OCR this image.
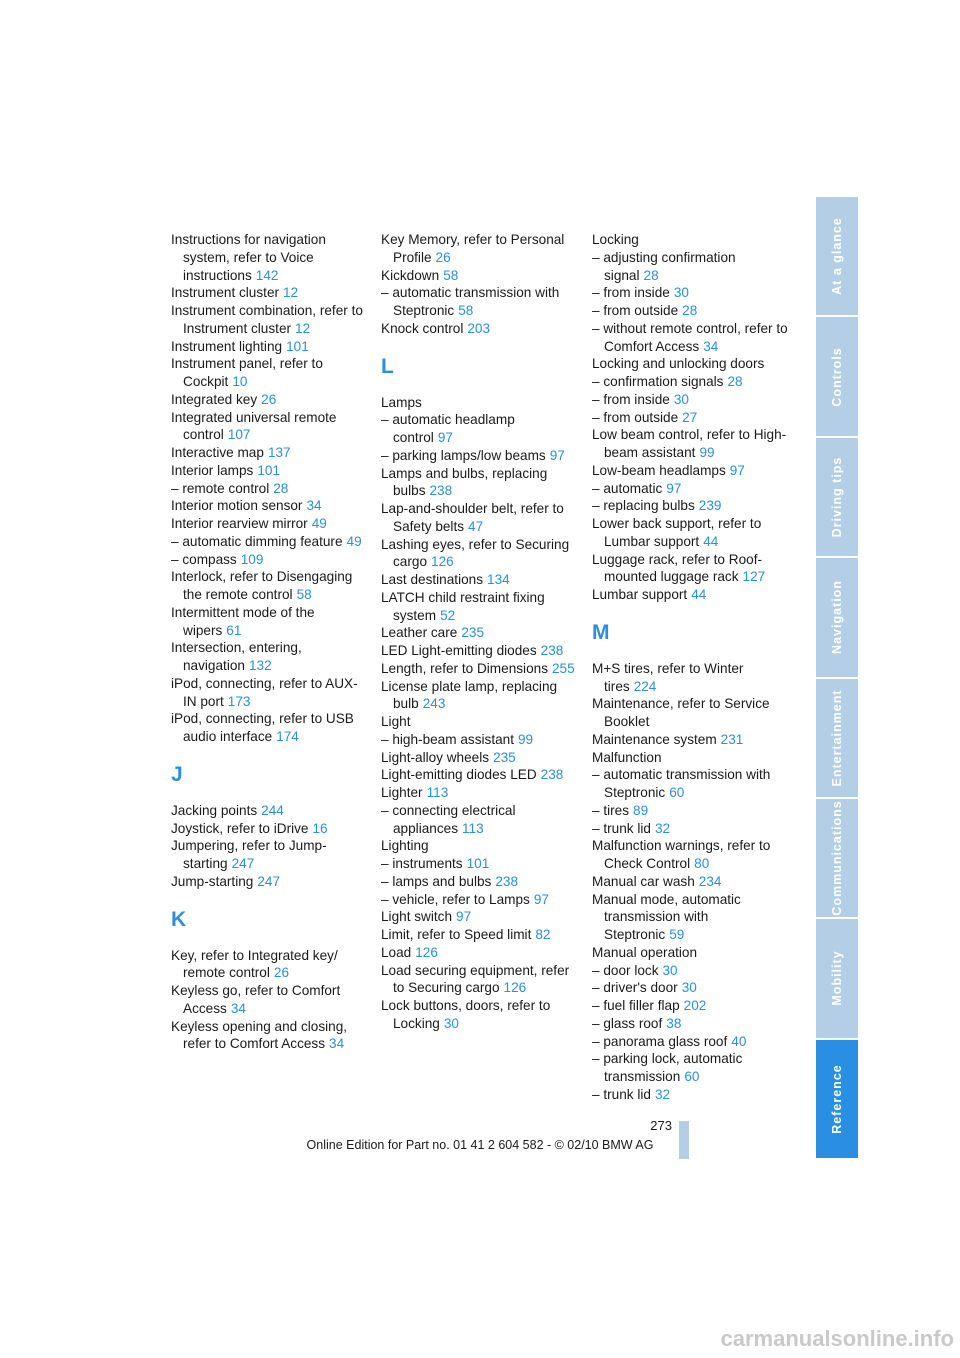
Instructions for navigation system, refer to Voice instructions 142
Instrument cluster 12
Instrument combination, refer to Instrument cluster 12
Instrument lighting 101
Instrument panel, refer to Cockpit 10
Integrated key 26
Integrated universal remote control 107
Interactive map 137
Interior lamps 101
– remote control 28
Interior motion sensor 34
Interior rearview mirror 49
– automatic dimming feature 49
– compass 109
Interlock, refer to Disengaging the remote control 58
Intermittent mode of the wipers 61
Intersection, entering, navigation 132
iPod, connecting, refer to AUX-IN port 173
iPod, connecting, refer to USB audio interface 174
J
Jacking points 244
Joystick, refer to iDrive 16
Jumpering, refer to Jump-starting 247
Jump-starting 247
K
Key, refer to Integrated key/ remote control 26
Keyless go, refer to Comfort Access 34
Keyless opening and closing, refer to Comfort Access 34
Key Memory, refer to Personal Profile 26
Kickdown 58
– automatic transmission with Steptronic 58
Knock control 203
L
Lamps
– automatic headlamp control 97
– parking lamps/low beams 97
Lamps and bulbs, replacing bulbs 238
Lap-and-shoulder belt, refer to Safety belts 47
Lashing eyes, refer to Securing cargo 126
Last destinations 134
LATCH child restraint fixing system 52
Leather care 235
LED Light-emitting diodes 238
Length, refer to Dimensions 255
License plate lamp, replacing bulb 243
Light
– high-beam assistant 99
Light-alloy wheels 235
Light-emitting diodes LED 238
Lighter 113
– connecting electrical appliances 113
Lighting
– instruments 101
– lamps and bulbs 238
– vehicle, refer to Lamps 97
Light switch 97
Limit, refer to Speed limit 82
Load 126
Load securing equipment, refer to Securing cargo 126
Lock buttons, doors, refer to Locking 30
Locking
– adjusting confirmation signal 28
– from inside 30
– from outside 28
– without remote control, refer to Comfort Access 34
Locking and unlocking doors
– confirmation signals 28
– from inside 30
– from outside 27
Low beam control, refer to High-beam assistant 99
Low-beam headlamps 97
– automatic 97
– replacing bulbs 239
Lower back support, refer to Lumbar support 44
Luggage rack, refer to Roof-mounted luggage rack 127
Lumbar support 44
M
M+S tires, refer to Winter tires 224
Maintenance, refer to Service Booklet
Maintenance system 231
Malfunction
– automatic transmission with Steptronic 60
– tires 89
– trunk lid 32
Malfunction warnings, refer to Check Control 80
Manual car wash 234
Manual mode, automatic transmission with Steptronic 59
Manual operation
– door lock 30
– driver's door 30
– fuel filler flap 202
– glass roof 38
– panorama glass roof 40
– parking lock, automatic transmission 60
– trunk lid 32
At a glance
Controls
Driving tips
Navigation
Entertainment
Communications
Mobility
Reference
273
Online Edition for Part no. 01 41 2 604 582 - © 02/10 BMW AG
carmanualsonline.info
